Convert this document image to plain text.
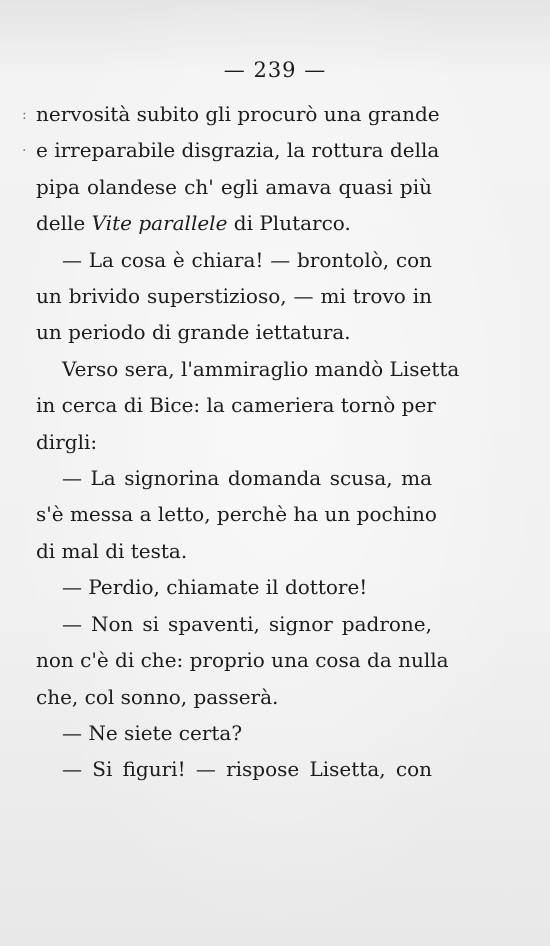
— 239 —
:
·
nervosità subito gli procurò una grande
e irreparabile disgrazia, la rottura della
pipa olandese ch' egli amava quasi più
delle Vite parallele di Plutarco.
— La cosa è chiara! — brontolò, con
un brivido superstizioso, — mi trovo in
un periodo di grande iettatura.
Verso sera, l'ammiraglio mandò Lisetta
in cerca di Bice: la cameriera tornò per
dirgli:
— La signorina domanda scusa, ma
s'è messa a letto, perchè ha un pochino
di mal di testa.
— Perdio, chiamate il dottore!
— Non si spaventi, signor padrone,
non c'è di che: proprio una cosa da nulla
che, col sonno, passerà.
— Ne siete certa?
— Si figuri! — rispose Lisetta, con
